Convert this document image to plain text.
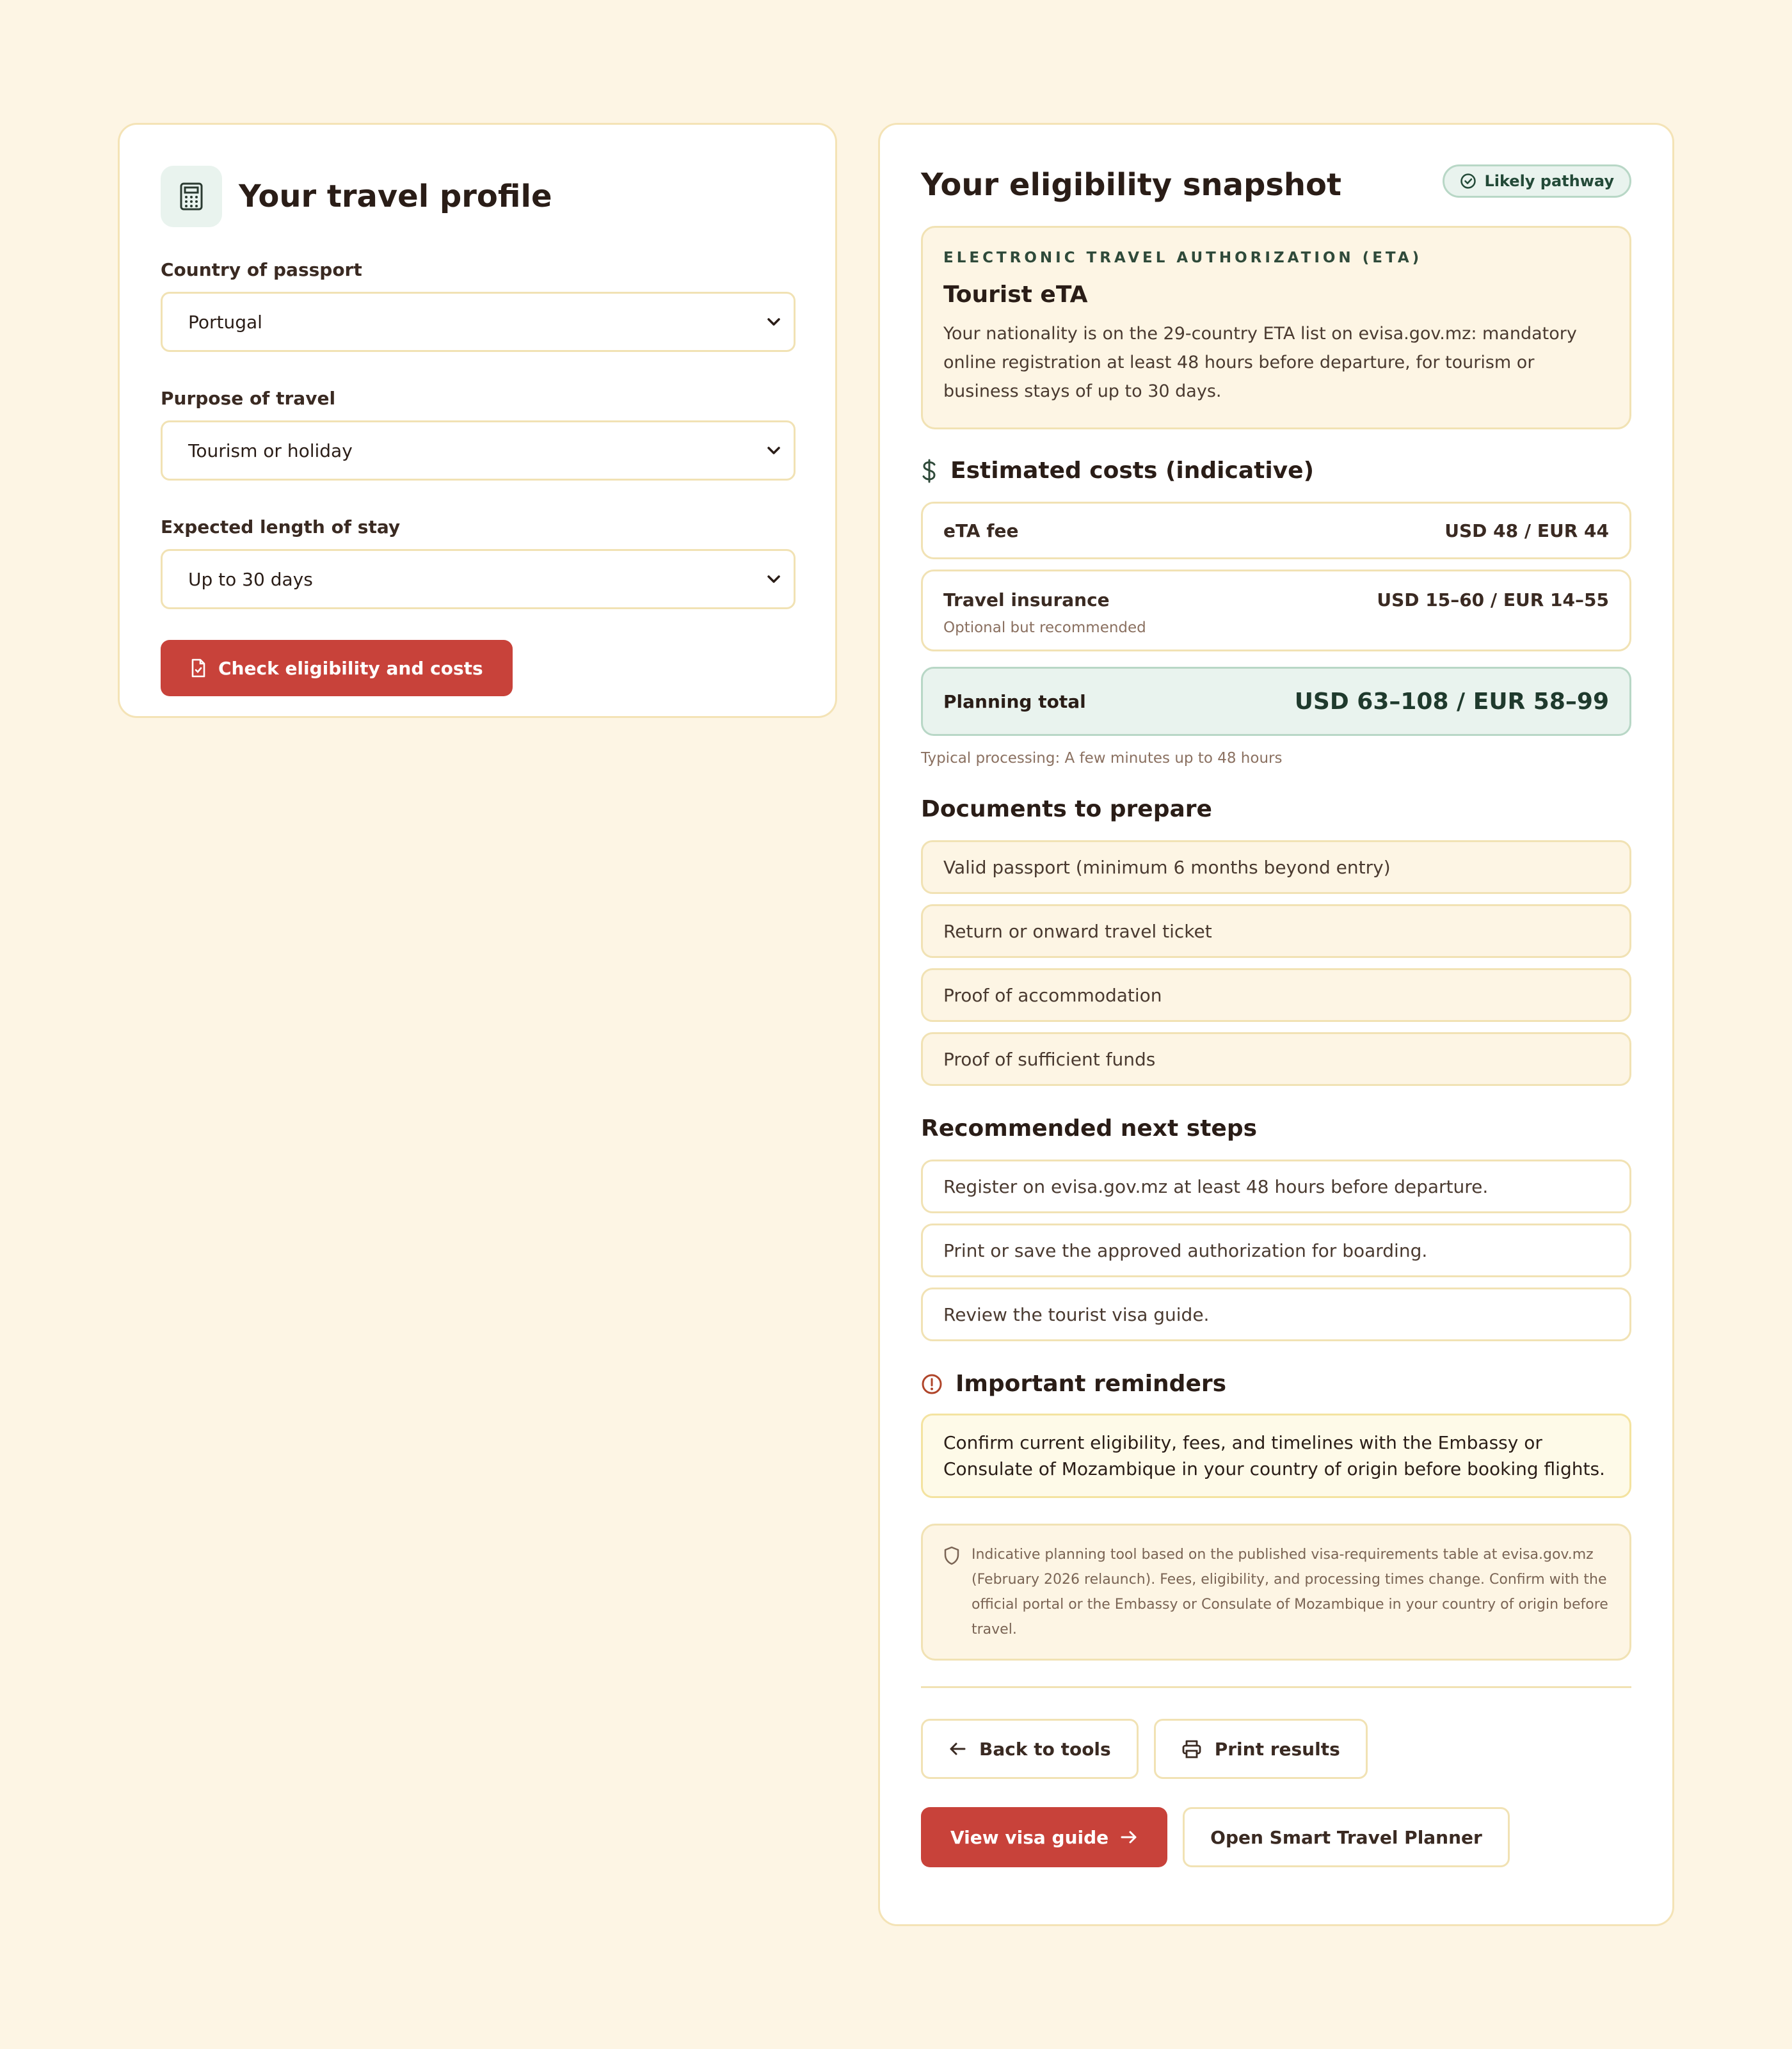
Your travel profile
Country of passport
Portugal
Purpose of travel
Tourism or holiday
Expected length of stay
Up to 30 days
Check eligibility and costs
Your eligibility snapshot	Likely pathway
ELECTRONIC TRAVEL AUTHORIZATION (ETA)
Tourist eTA
Your nationality is on the 29-country ETA list on evisa.gov.mz: mandatory online registration at least 48 hours before departure, for tourism or business stays of up to 30 days.
Estimated costs (indicative)
eTA fee	USD 48 / EUR 44
Travel insurance
Optional but recommended
USD 15–60 / EUR 14–55
Planning total	USD 63–108 / EUR 58–99
Typical processing: A few minutes up to 48 hours
Documents to prepare
Valid passport (minimum 6 months beyond entry)
Return or onward travel ticket
Proof of accommodation
Proof of sufficient funds
Recommended next steps
Register on evisa.gov.mz at least 48 hours before departure.
Print or save the approved authorization for boarding.
Review the tourist visa guide.
Important reminders
Confirm current eligibility, fees, and timelines with the Embassy or Consulate of Mozambique in your country of origin before booking flights.

Indicative planning tool based on the published visa-requirements table at evisa.gov.mz (February 2026 relaunch). Fees, eligibility, and processing times change. Confirm with the official portal or the Embassy or Consulate of Mozambique in your country of origin before travel.

Back to tools	Print results
View visa guide	Open Smart Travel Planner
